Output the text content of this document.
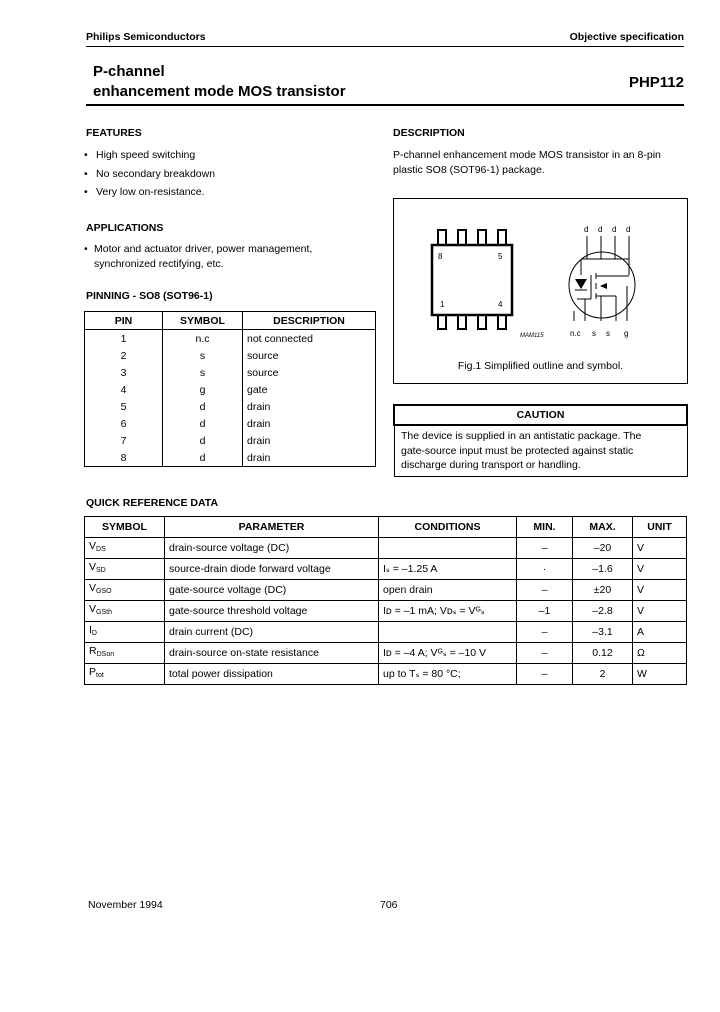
Philips Semiconductors	Objective specification
P-channel
enhancement mode MOS transistor
PHP112
FEATURES
• High speed switching
• No secondary breakdown
• Very low on-resistance.
APPLICATIONS
• Motor and actuator driver, power management,
synchronized rectifying, etc.
PINNING - SO8 (SOT96-1)
PIN	SYMBOL	DESCRIPTION
1	n.c	not connected
2	s	source
3	s	source
4	g	gate
5	d	drain
6	d	drain
7	d	drain
8	d	drain
DESCRIPTION
P-channel enhancement mode MOS transistor in an 8-pin
plastic SO8 (SOT96-1) package.
8	5
1	4
MAM115
d d d d
n.c s s g
Fig.1 Simplified outline and symbol.
CAUTION
The device is supplied in an antistatic package. The
gate-source input must be protected against static
discharge during transport or handling.
QUICK REFERENCE DATA
SYMBOL	PARAMETER	CONDITIONS	MIN.	MAX.	UNIT
$V_{DS}$	drain-source voltage (DC)		–	–20	V
$V_{SD}$	source-drain diode forward voltage	Iₛ = –1.25 A	·	–1.6	V
$V_{GSO}$	gate-source voltage (DC)	open drain	–	±20	V
$V_{GSth}$	gate-source threshold voltage	Iᴅ = –1 mA; Vᴅₛ = Vᴳₛ	–1	–2.8	V
$I_D$	drain current (DC)		–	–3.1	A
$R_{DSon}$	drain-source on-state resistance	Iᴅ = –4 A; Vᴳₛ = –10 V	–	0.12	Ω
$P_{tot}$	total power dissipation	up to Tₛ = 80 °C;	–	2	W
November 1994	706
